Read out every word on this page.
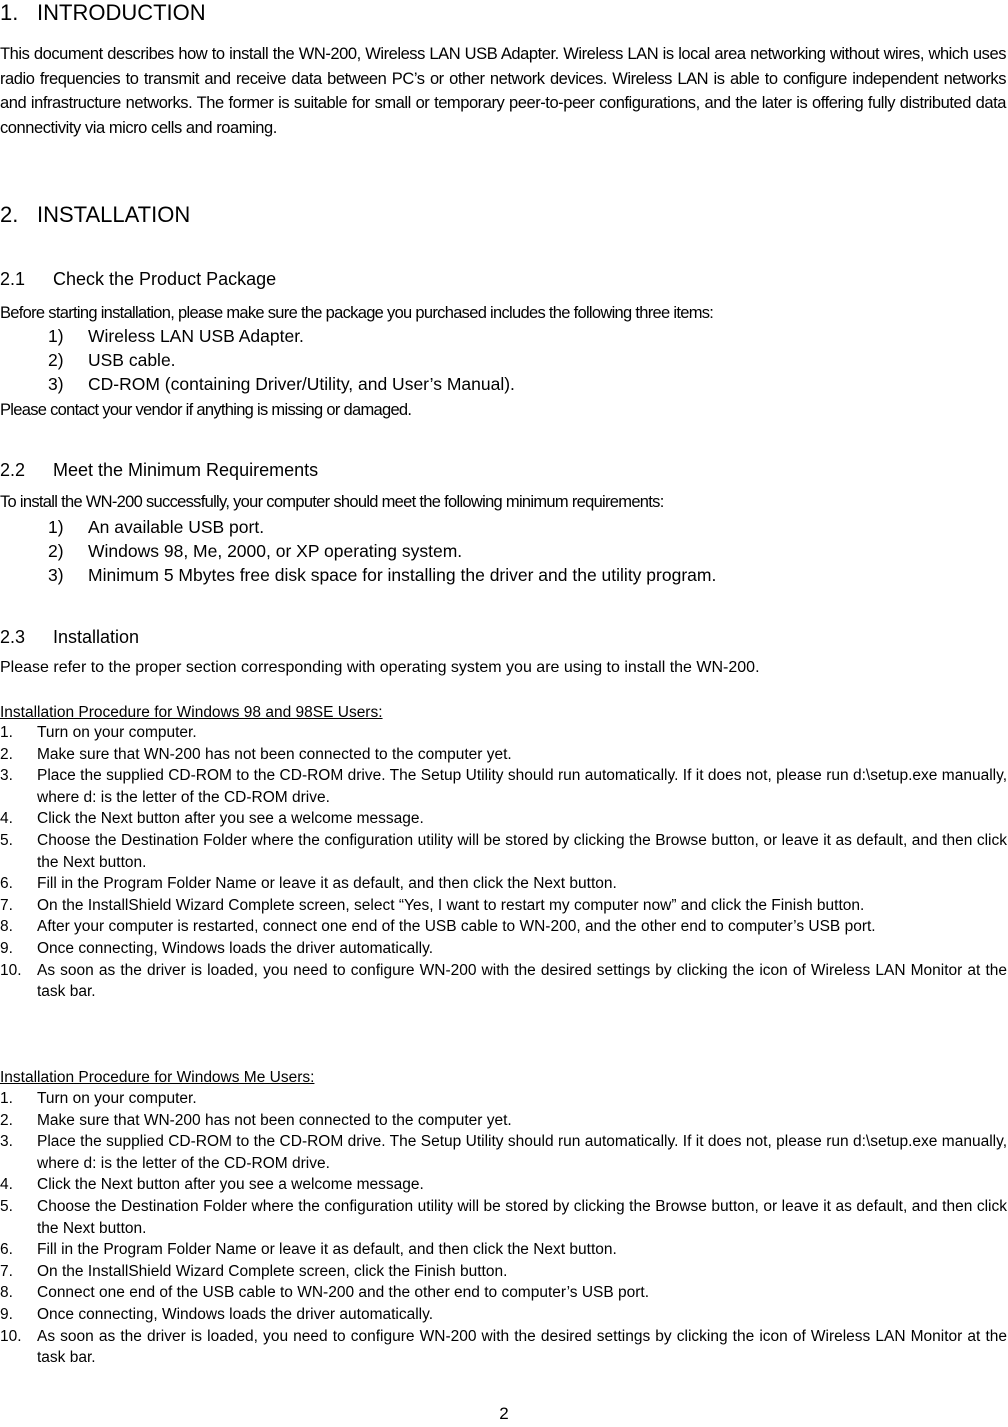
1. INTRODUCTION
This document describes how to install the WN-200, Wireless LAN USB Adapter. Wireless LAN is local area networking without wires, which uses radio frequencies to transmit and receive data between PC’s or other network devices. Wireless LAN is able to configure independent networks and infrastructure networks. The former is suitable for small or temporary peer-to-peer configurations, and the later is offering fully distributed data connectivity via micro cells and roaming.
2. INSTALLATION
2.1 Check the Product Package
Before starting installation, please make sure the package you purchased includes the following three items:
1) Wireless LAN USB Adapter.
2) USB cable.
3) CD-ROM (containing Driver/Utility, and User’s Manual).
Please contact your vendor if anything is missing or damaged.
2.2 Meet the Minimum Requirements
To install the WN-200 successfully, your computer should meet the following minimum requirements:
1) An available USB port.
2) Windows 98, Me, 2000, or XP operating system.
3) Minimum 5 Mbytes free disk space for installing the driver and the utility program.
2.3 Installation
Please refer to the proper section corresponding with operating system you are using to install the WN-200.
Installation Procedure for Windows 98 and 98SE Users:
1. Turn on your computer.
2. Make sure that WN-200 has not been connected to the computer yet.
3. Place the supplied CD-ROM to the CD-ROM drive. The Setup Utility should run automatically. If it does not, please run d:\setup.exe manually, where d: is the letter of the CD-ROM drive.
4. Click the Next button after you see a welcome message.
5. Choose the Destination Folder where the configuration utility will be stored by clicking the Browse button, or leave it as default, and then click the Next button.
6. Fill in the Program Folder Name or leave it as default, and then click the Next button.
7. On the InstallShield Wizard Complete screen, select “Yes, I want to restart my computer now” and click the Finish button.
8. After your computer is restarted, connect one end of the USB cable to WN-200, and the other end to computer’s USB port.
9. Once connecting, Windows loads the driver automatically.
10. As soon as the driver is loaded, you need to configure WN-200 with the desired settings by clicking the icon of Wireless LAN Monitor at the task bar.
Installation Procedure for Windows Me Users:
1. Turn on your computer.
2. Make sure that WN-200 has not been connected to the computer yet.
3. Place the supplied CD-ROM to the CD-ROM drive. The Setup Utility should run automatically. If it does not, please run d:\setup.exe manually, where d: is the letter of the CD-ROM drive.
4. Click the Next button after you see a welcome message.
5. Choose the Destination Folder where the configuration utility will be stored by clicking the Browse button, or leave it as default, and then click the Next button.
6. Fill in the Program Folder Name or leave it as default, and then click the Next button.
7. On the InstallShield Wizard Complete screen, click the Finish button.
8. Connect one end of the USB cable to WN-200 and the other end to computer’s USB port.
9. Once connecting, Windows loads the driver automatically.
10. As soon as the driver is loaded, you need to configure WN-200 with the desired settings by clicking the icon of Wireless LAN Monitor at the task bar.
2
